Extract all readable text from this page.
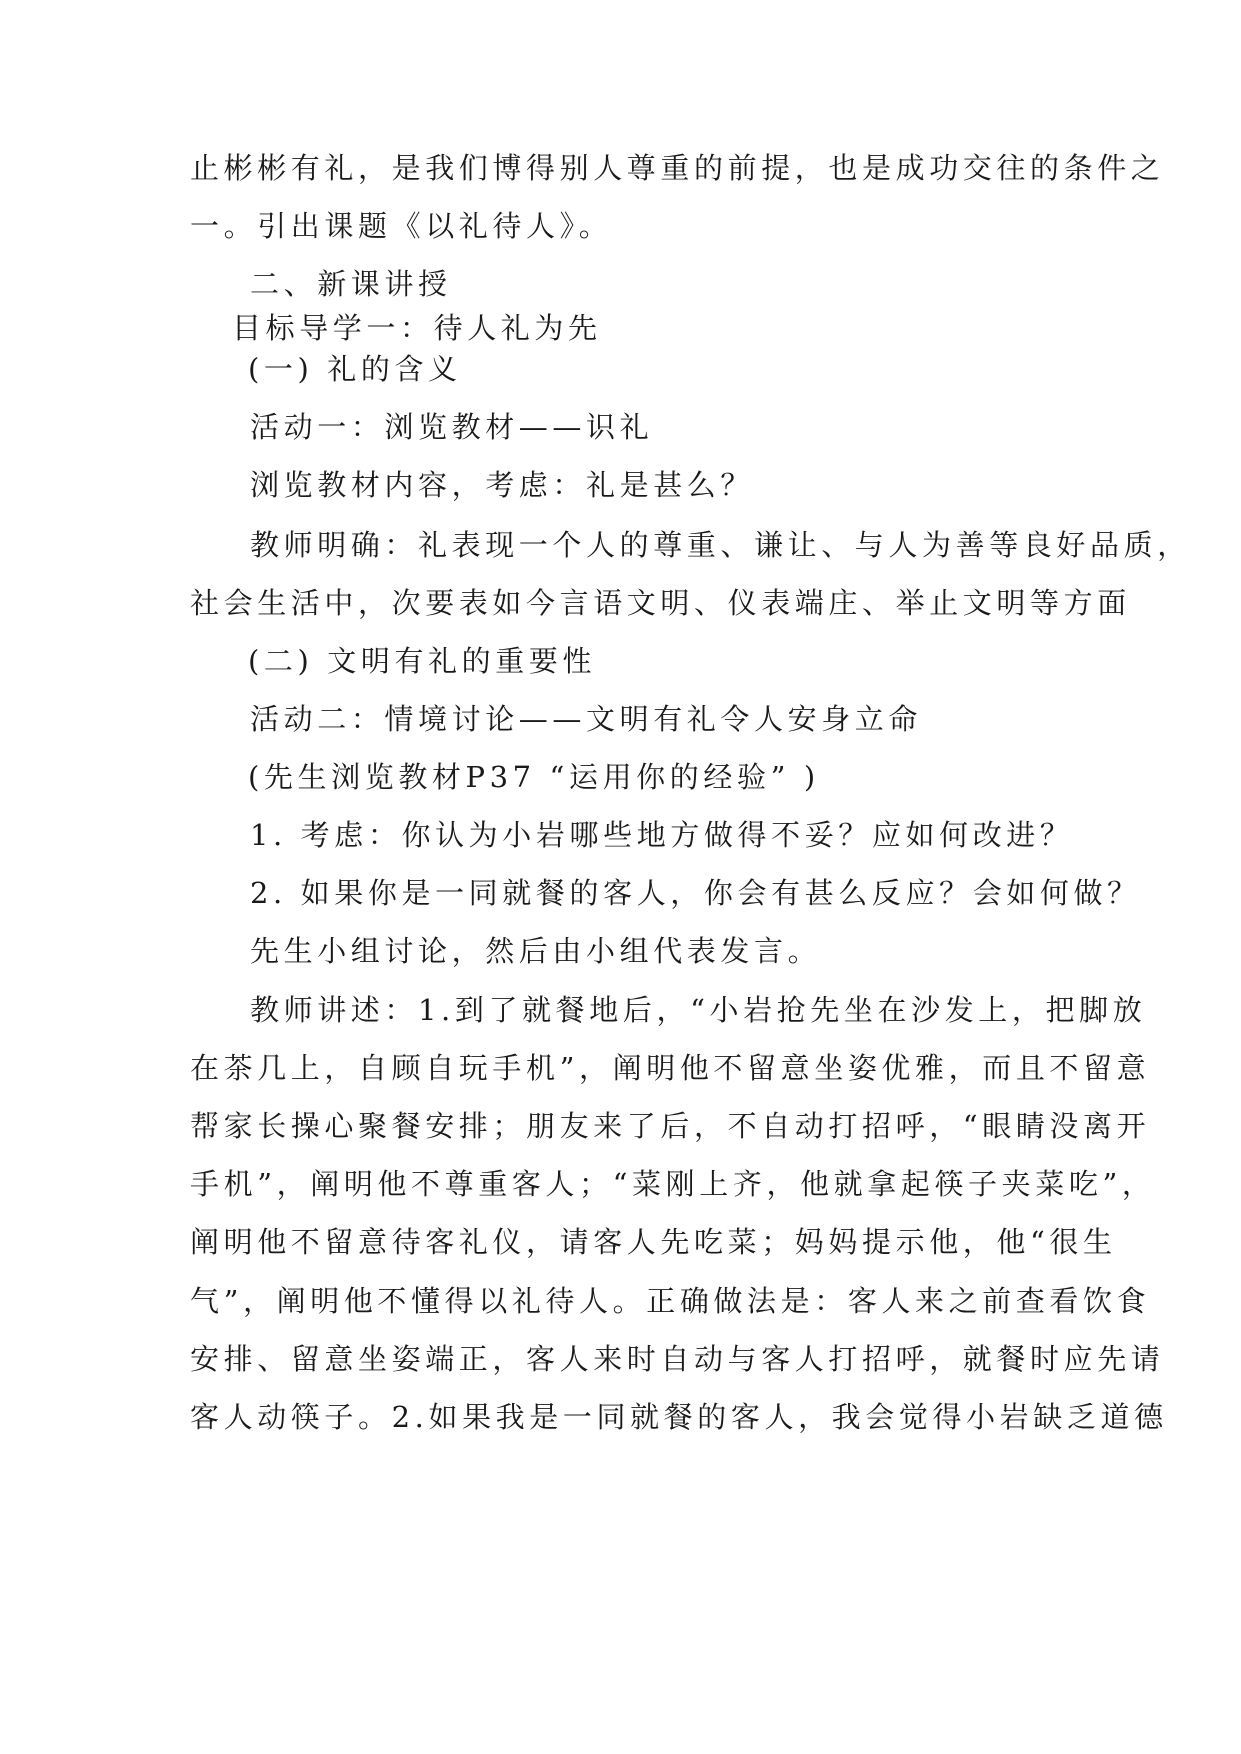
止彬彬有礼，是我们博得别人尊重的前提，也是成功交往的条件之
一。引出课题《以礼待人》。
二、新课讲授
目标导学一：待人礼为先
(一) 礼的含义
活动一：浏览教材——识礼
浏览教材内容，考虑：礼是甚么？
教师明确：礼表现一个人的尊重、谦让、与人为善等良好品质，
社会生活中，次要表如今言语文明、仪表端庄、举止文明等方面
(二) 文明有礼的重要性
活动二：情境讨论——文明有礼令人安身立命
(先生浏览教材P37 “运用你的经验” )
1. 考虑：你认为小岩哪些地方做得不妥？应如何改进？
2. 如果你是一同就餐的客人，你会有甚么反应？会如何做？
先生小组讨论，然后由小组代表发言。
教师讲述：1.到了就餐地后，“小岩抢先坐在沙发上，把脚放
在茶几上，自顾自玩手机”，阐明他不留意坐姿优雅，而且不留意
帮家长操心聚餐安排；朋友来了后，不自动打招呼，“眼睛没离开
手机”，阐明他不尊重客人；“菜刚上齐，他就拿起筷子夹菜吃”，
阐明他不留意待客礼仪，请客人先吃菜；妈妈提示他，他“很生
气”，阐明他不懂得以礼待人。正确做法是：客人来之前查看饮食
安排、留意坐姿端正，客人来时自动与客人打招呼，就餐时应先请
客人动筷子。2.如果我是一同就餐的客人，我会觉得小岩缺乏道德
